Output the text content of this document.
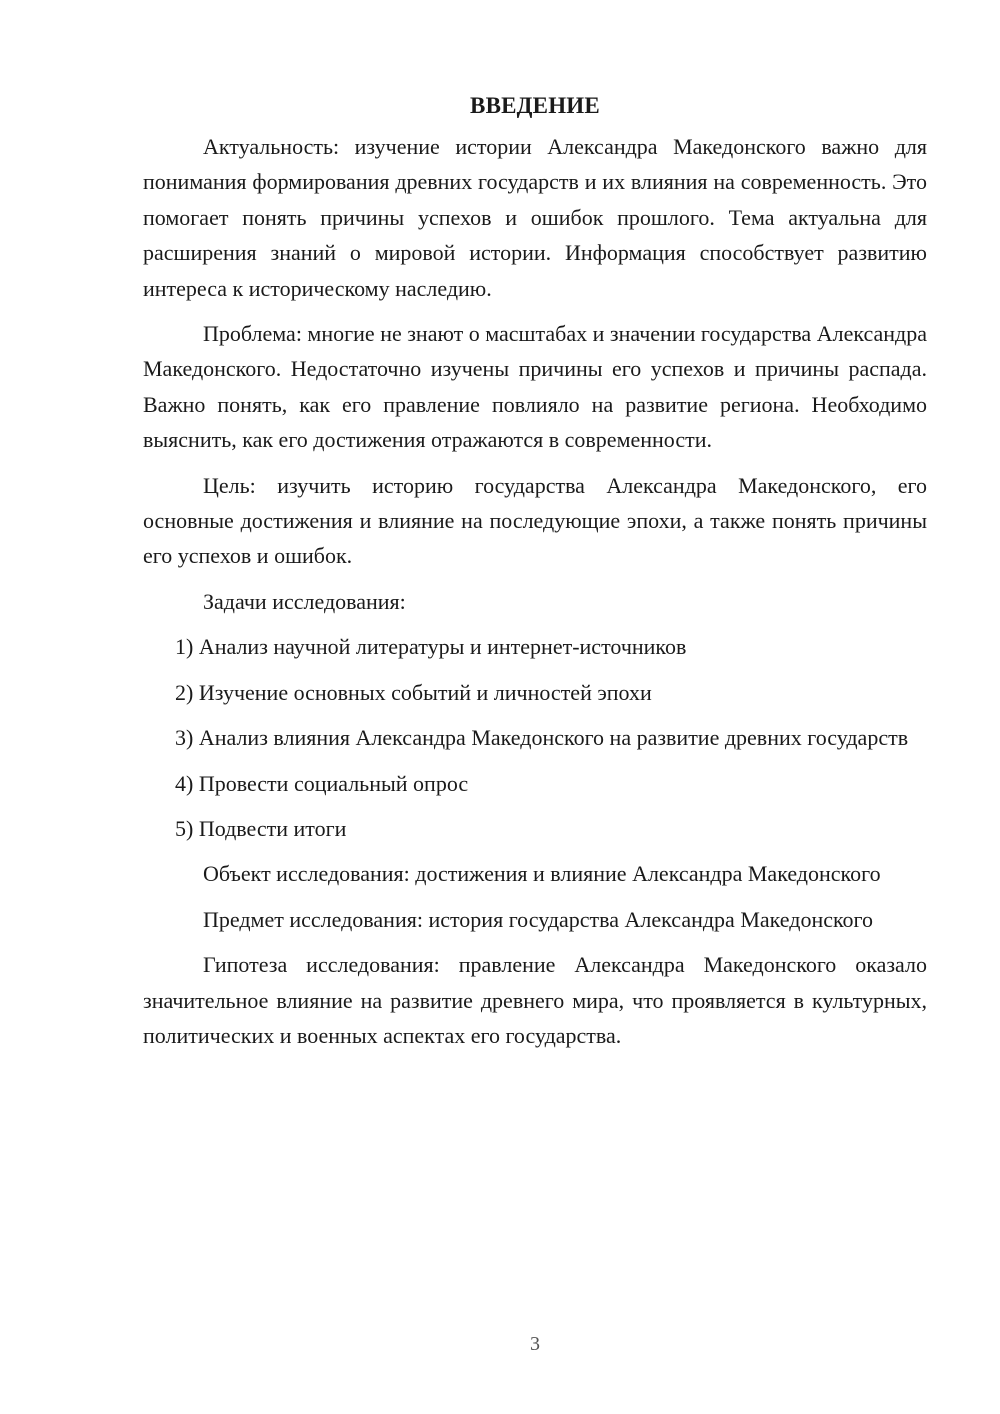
ВВЕДЕНИЕ

Актуальность: изучение истории Александра Македонского важно для понимания формирования древних государств и их влияния на современность. Это помогает понять причины успехов и ошибок прошлого. Тема актуальна для расширения знаний о мировой истории. Информация способствует развитию интереса к историческому наследию.

Проблема: многие не знают о масштабах и значении государства Александра Македонского. Недостаточно изучены причины его успехов и причины распада. Важно понять, как его правление повлияло на развитие региона. Необходимо выяснить, как его достижения отражаются в современности.

Цель: изучить историю государства Александра Македонского, его основные достижения и влияние на последующие эпохи, а также понять причины его успехов и ошибок.

Задачи исследования:

1) Анализ научной литературы и интернет-источников

2) Изучение основных событий и личностей эпохи

3) Анализ влияния Александра Македонского на развитие древних государств

4) Провести социальный опрос

5) Подвести итоги

Объект исследования: достижения и влияние Александра Македонского

Предмет исследования: история государства Александра Македонского

Гипотеза исследования: правление Александра Македонского оказало значительное влияние на развитие древнего мира, что проявляется в культурных, политических и военных аспектах его государства.

3
